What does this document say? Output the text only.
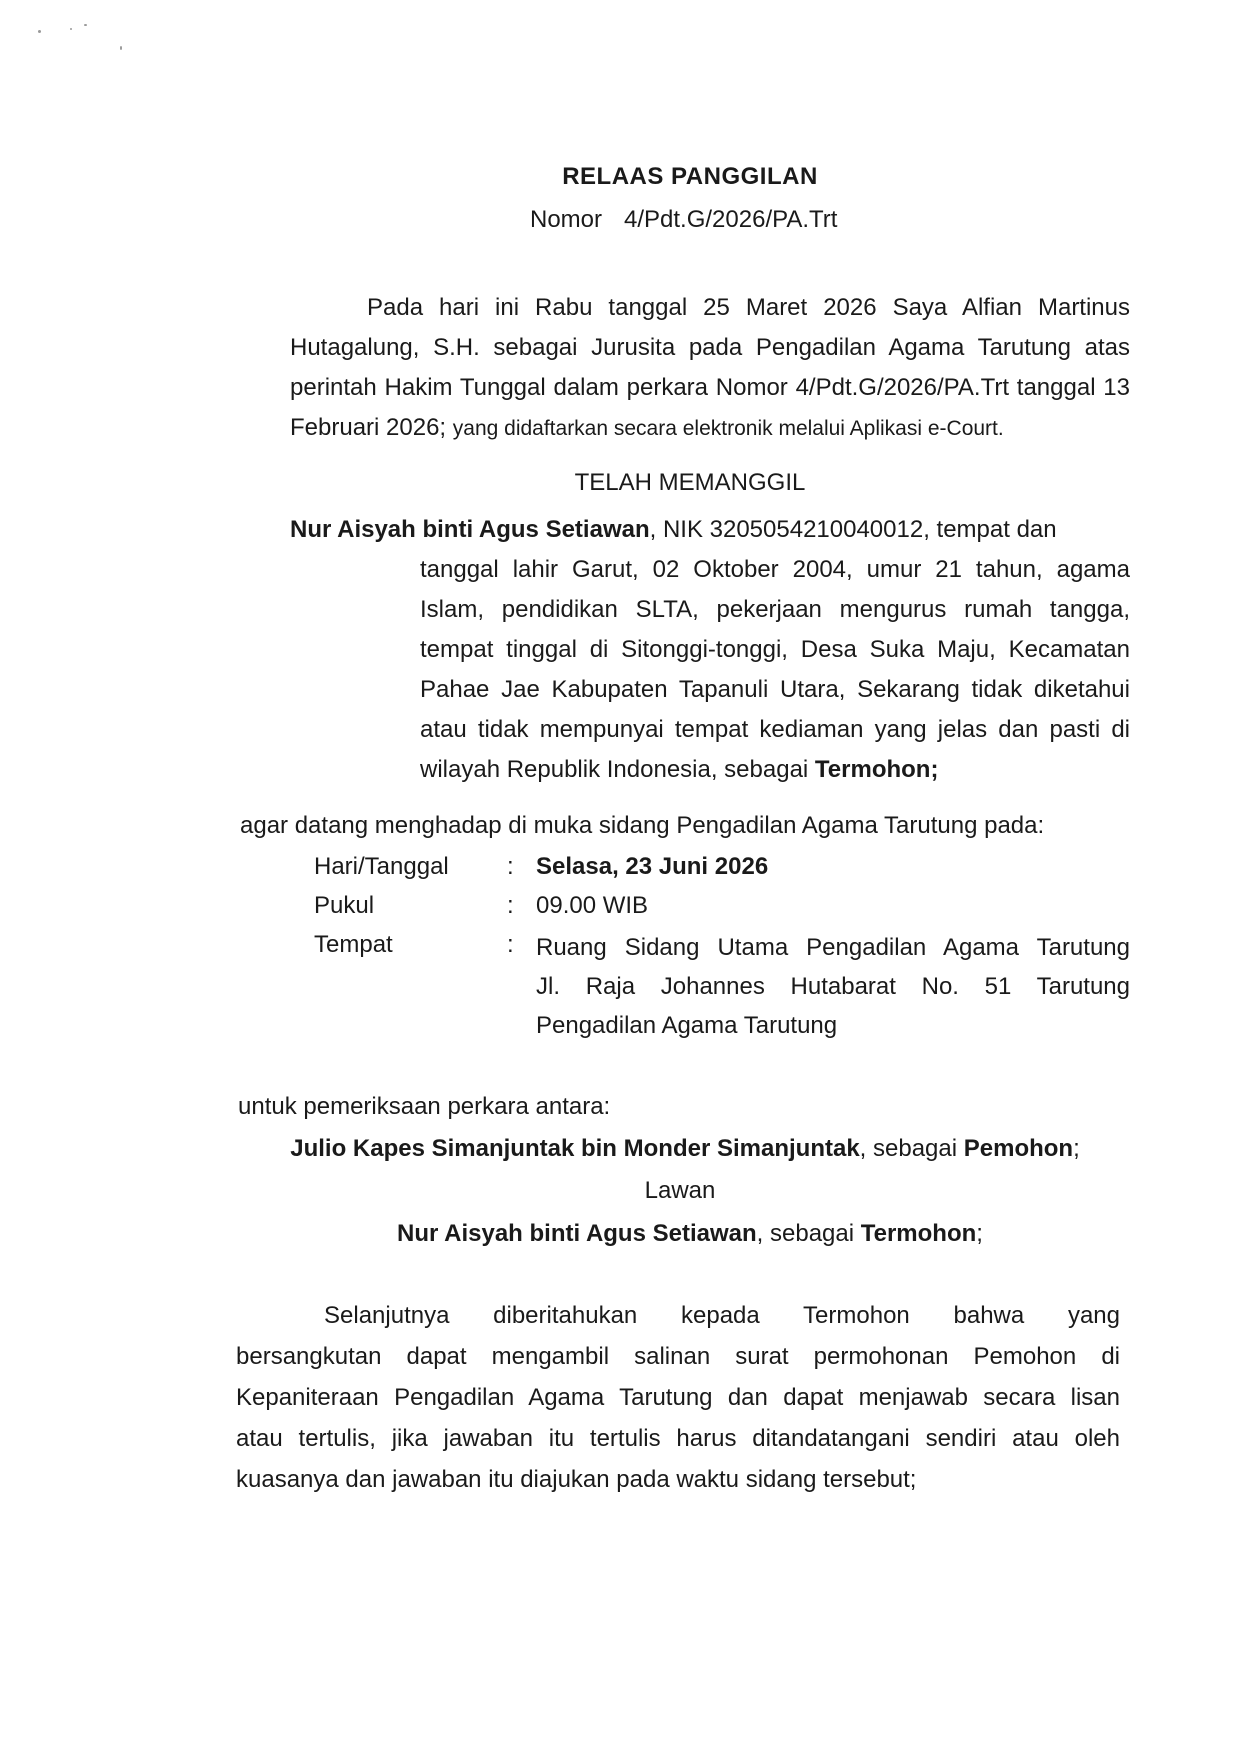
RELAAS PANGGILAN
Nomor 4/Pdt.G/2026/PA.Trt

Pada hari ini Rabu tanggal 25 Maret 2026 Saya Alfian Martinus Hutagalung, S.H. sebagai Jurusita pada Pengadilan Agama Tarutung atas perintah Hakim Tunggal dalam perkara Nomor 4/Pdt.G/2026/PA.Trt tanggal 13 Februari 2026; yang didaftarkan secara elektronik melalui Aplikasi e-Court.

TELAH MEMANGGIL
Nur Aisyah binti Agus Setiawan, NIK 3205054210040012, tempat dan
tanggal lahir Garut, 02 Oktober 2004, umur 21 tahun, agama
Islam, pendidikan SLTA, pekerjaan mengurus rumah tangga,
tempat tinggal di Sitonggi-tonggi, Desa Suka Maju, Kecamatan
Pahae Jae Kabupaten Tapanuli Utara, Sekarang tidak diketahui
atau tidak mempunyai tempat kediaman yang jelas dan pasti di
wilayah Republik Indonesia, sebagai Termohon;
agar datang menghadap di muka sidang Pengadilan Agama Tarutung pada:
Hari/Tanggal : Selasa, 23 Juni 2026
Pukul	: 09.00 WIB
Tempat	: Ruang Sidang Utama Pengadilan Agama Tarutung
Jl. Raja Johannes Hutabarat No. 51 Tarutung
Pengadilan Agama Tarutung
untuk pemeriksaan perkara antara:
Julio Kapes Simanjuntak bin Monder Simanjuntak, sebagai Pemohon;
Lawan
Nur Aisyah binti Agus Setiawan, sebagai Termohon;
Selanjutnya diberitahukan kepada Termohon bahwa yang
bersangkutan dapat mengambil salinan surat permohonan Pemohon di
Kepaniteraan Pengadilan Agama Tarutung dan dapat menjawab secara lisan
atau tertulis, jika jawaban itu tertulis harus ditandatangani sendiri atau oleh
kuasanya dan jawaban itu diajukan pada waktu sidang tersebut;
